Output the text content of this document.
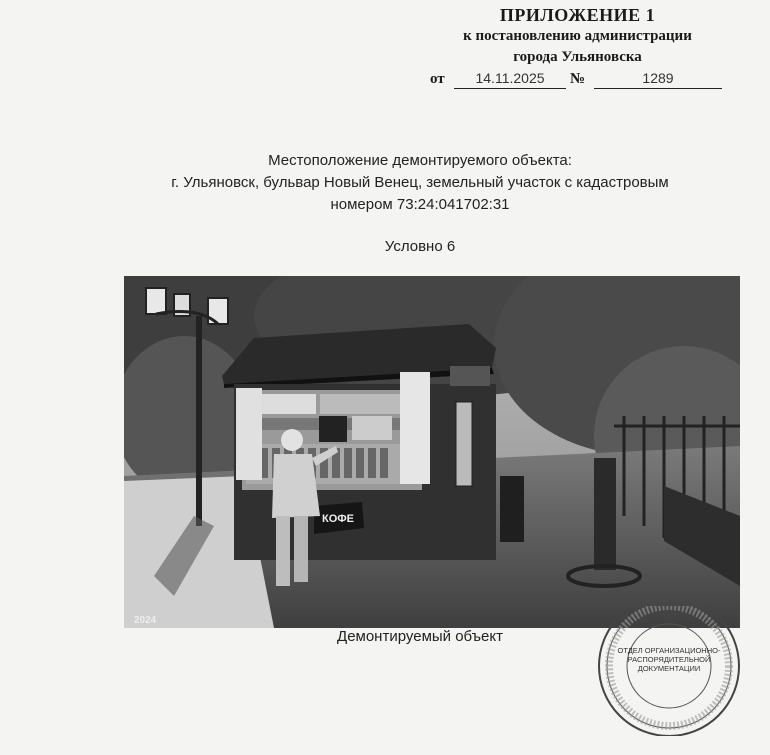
ПРИЛОЖЕНИЕ 1
к постановлению администрации
города Ульяновска
от	14.11.2025	№	1289
Местоположение демонтируемого объекта:
г. Ульяновск, бульвар Новый Венец, земельный участок с кадастровым
номером 73:24:041702:31
Условно 6
КОФЕ
2024
Демонтируемый объект
ОТДЕЛ ОРГАНИЗАЦИОННО-РАСПОРЯДИТЕЛЬНОЙ ДОКУМЕНТАЦИИ
